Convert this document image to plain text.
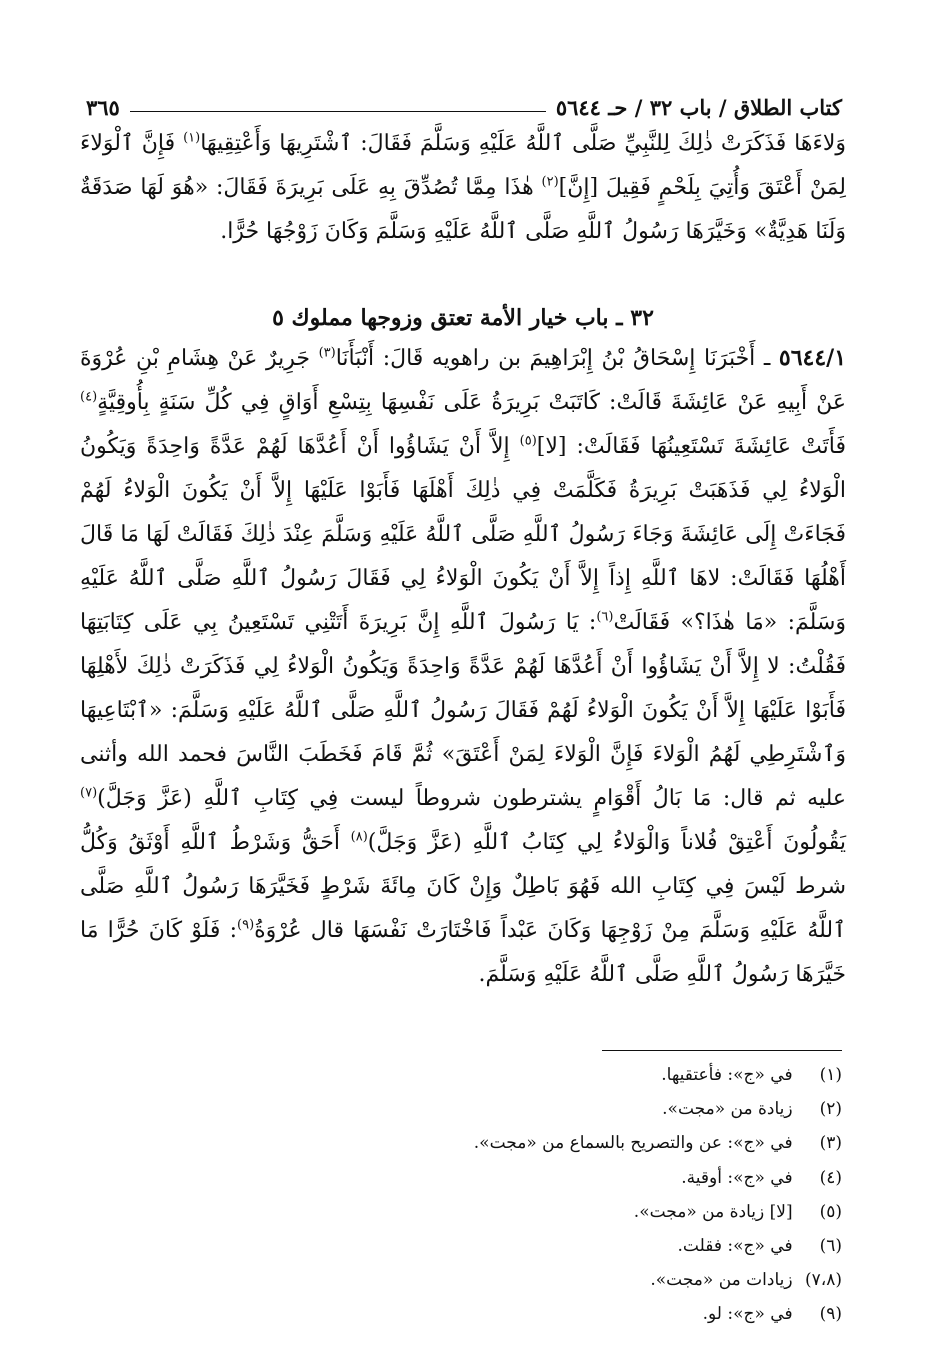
كتاب الطلاق / باب ٣٢ / حـ ٥٦٤٤
٣٦٥

وَلاءَهَا فَذَكَرَتْ ذٰلِكَ لِلنَّبِيِّ صَلَّى ٱللَّهُ عَلَيْهِ وَسَلَّمَ فَقَالَ: ٱشْتَرِيهَا وَأَعْتِقِيهَا$^{(١)}$ فَإِنَّ ٱلْوَلاءَ لِمَنْ أَعْتَقَ وَأُتِيَ بِلَحْمٍ فَقِيلَ [إِنَّ]$^{(٢)}$ هٰذَا مِمَّا تُصُدِّقَ بِهِ عَلَى بَرِيرَةَ فَقَالَ: «هُوَ لَهَا صَدَقَةٌ وَلَنَا هَدِيَّةٌ» وَخَيَّرَهَا رَسُولُ ٱللَّهِ صَلَّى ٱللَّهُ عَلَيْهِ وَسَلَّمَ وَكَانَ زَوْجُهَا حُرًّا.

٣٢ ـ باب خيار الأمة تعتق وزوجها مملوك ٥

٥٦٤٤/١ ـ أَخْبَرَنَا إِسْحَاقُ بْنُ إِبْرَاهِيمَ بن راهويه قَالَ: أَنْبَأَنَا$^{(٣)}$ جَرِيرٌ عَنْ هِشَامِ بْنِ عُرْوَةَ عَنْ أَبِيهِ عَنْ عَائِشَةَ قَالَتْ: كَاتَبَتْ بَرِيرَةُ عَلَى نَفْسِهَا بِتِسْعِ أَوَاقٍ فِي كُلِّ سَنَةٍ بِأُوقِيَّةٍ$^{(٤)}$ فَأَتَتْ عَائِشَةَ تَسْتَعِينُهَا فَقَالَتْ: [لا]$^{(٥)}$ إِلاَّ أَنْ يَشَاؤُوا أَنْ أَعُدَّهَا لَهُمْ عَدَّةً وَاحِدَةً وَيَكُونُ الْوَلاءُ لِي فَذَهَبَتْ بَرِيرَةُ فَكَلَّمَتْ فِي ذٰلِكَ أَهْلَهَا فَأَبَوْا عَلَيْهَا إِلاَّ أَنْ يَكُونَ الْوَلاءُ لَهُمْ فَجَاءَتْ إِلَى عَائِشَةَ وَجَاءَ رَسُولُ ٱللَّهِ صَلَّى ٱللَّهُ عَلَيْهِ وَسَلَّمَ عِنْدَ ذٰلِكَ فَقَالَتْ لَهَا مَا قَالَ أَهْلُهَا فَقَالَتْ: لاهَا ٱللَّهِ إِذاً إِلاَّ أَنْ يَكُونَ الْوَلاءُ لِي فَقَالَ رَسُولُ ٱللَّهِ صَلَّى ٱللَّهُ عَلَيْهِ وَسَلَّمَ: «مَا هٰذَا؟» فَقَالَتْ$^{(٦)}$: يَا رَسُولَ ٱللَّهِ إِنَّ بَرِيرَةَ أَتَتْنِي تَسْتَعِينُ بِي عَلَى كِتَابَتِهَا فَقُلْتُ: لا إِلاَّ أَنْ يَشَاؤُوا أَنْ أَعُدَّهَا لَهُمْ عَدَّةً وَاحِدَةً وَيَكُونُ الْوَلاءُ لِي فَذَكَرَتْ ذٰلِكَ لأَهْلِهَا فَأَبَوْا عَلَيْهَا إِلاَّ أَنْ يَكُونَ الْوَلاءُ لَهُمْ فَقَالَ رَسُولُ ٱللَّهِ صَلَّى ٱللَّهُ عَلَيْهِ وَسَلَّمَ: «ٱبْتَاعِيهَا وَٱشْتَرِطِي لَهُمُ الْوَلاءَ فَإِنَّ الْوَلاءَ لِمَنْ أَعْتَقَ» ثُمَّ قَامَ فَخَطَبَ النَّاسَ فحمد الله وأثنى عليه ثم قال: مَا بَالُ أَقْوَامٍ يشترطون شروطاً ليست فِي كِتَابِ ٱللَّهِ (عَزَّ وَجَلَّ)$^{(٧)}$ يَقُولُونَ أَعْتِقْ فُلاناً وَالْوَلاءُ لِي كِتَابُ ٱللَّهِ (عَزَّ وَجَلَّ)$^{(٨)}$ أَحَقُّ وَشَرْطُ ٱللَّهِ أَوْثَقُ وَكُلُّ شرط لَيْسَ فِي كِتَابِ الله فَهُوَ بَاطِلٌ وَإِنْ كَانَ مِائَةَ شَرْطٍ فَخَيَّرَهَا رَسُولُ ٱللَّهِ صَلَّى ٱللَّهُ عَلَيْهِ وَسَلَّمَ مِنْ زَوْجِهَا وَكَانَ عَبْداً فَاخْتَارَتْ نَفْسَهَا قال عُرْوَةُ$^{(٩)}$: فَلَوْ كَانَ حُرًّا مَا خَيَّرَهَا رَسُولُ ٱللَّهِ صَلَّى ٱللَّهُ عَلَيْهِ وَسَلَّمَ.

(١) في «ج»: فأعتقيها.
(٢) زيادة من «مجت».
(٣) في «ج»: عن والتصريح بالسماع من «مجت».
(٤) في «ج»: أوقية.
(٥) [لا] زيادة من «مجت».
(٦) في «ج»: فقلت.
(٧،٨) زيادات من «مجت».
(٩) في «ج»: لو.
